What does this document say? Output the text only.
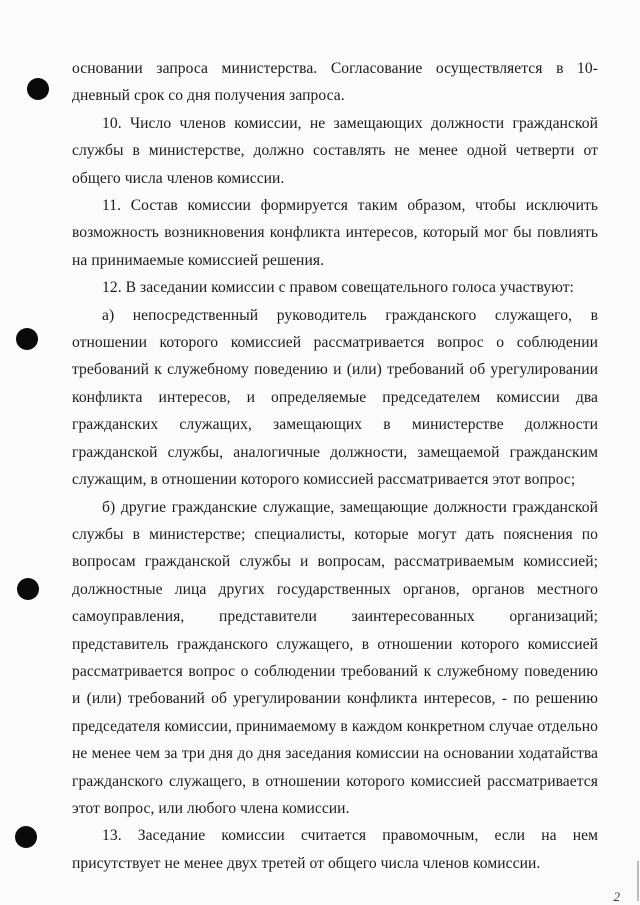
основании запроса министерства. Согласование осуществляется в 10-дневный срок со дня получения запроса.

10. Число членов комиссии, не замещающих должности гражданской службы в министерстве, должно составлять не менее одной четверти от общего числа членов комиссии.

11. Состав комиссии формируется таким образом, чтобы исключить возможность возникновения конфликта интересов, который мог бы повлиять на принимаемые комиссией решения.

12. В заседании комиссии с правом совещательного голоса участвуют:

а) непосредственный руководитель гражданского служащего, в отношении которого комиссией рассматривается вопрос о соблюдении требований к служебному поведению и (или) требований об урегулировании конфликта интересов, и определяемые председателем комиссии два гражданских служащих, замещающих в министерстве должности гражданской службы, аналогичные должности, замещаемой гражданским служащим, в отношении которого комиссией рассматривается этот вопрос;

б) другие гражданские служащие, замещающие должности гражданской службы в министерстве; специалисты, которые могут дать пояснения по вопросам гражданской службы и вопросам, рассматриваемым комиссией; должностные лица других государственных органов, органов местного самоуправления, представители заинтересованных организаций; представитель гражданского служащего, в отношении которого комиссией рассматривается вопрос о соблюдении требований к служебному поведению и (или) требований об урегулировании конфликта интересов, - по решению председателя комиссии, принимаемому в каждом конкретном случае отдельно не менее чем за три дня до дня заседания комиссии на основании ходатайства гражданского служащего, в отношении которого комиссией рассматривается этот вопрос, или любого члена комиссии.

13. Заседание комиссии считается правомочным, если на нем присутствует не менее двух третей от общего числа членов комиссии.

2
